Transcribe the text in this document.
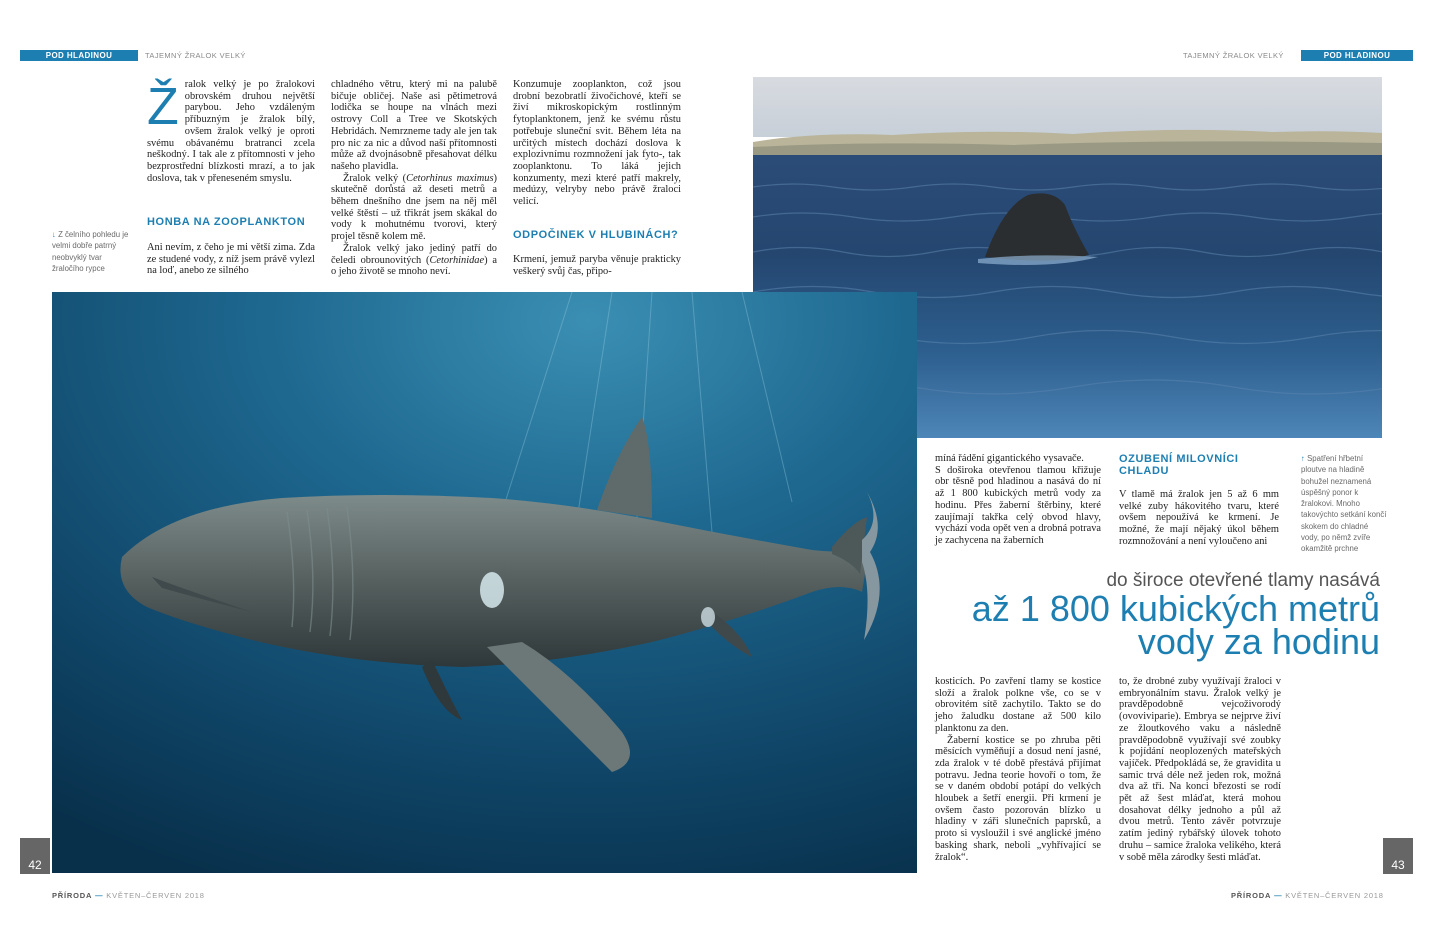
POD HLADINOU	TAJEMNÝ ŽRALOK VELKÝ	TAJEMNÝ ŽRALOK VELKÝ	POD HLADINOU
Ž ralok velký je po žralokovi obrovském druhou největší parybou. Jeho vzdáleným příbuzným je žralok bílý, ovšem žralok velký je oproti svému obávanému bratranci zcela neškodný. I tak ale z přítomnosti v jeho bezprostřední blízkosti mrazí, a to jak doslova, tak v přeneseném smyslu.

HONBA NA ZOOPLANKTON

Ani nevím, z čeho je mi větší zima. Zda ze studené vody, z níž jsem právě vylezl na loď, anebo ze silného

chladného větru, který mi na palubě bičuje obličej. Naše asi pětimetrová lodička se houpe na vlnách mezi ostrovy Coll a Tree ve Skotských Hebridách. Nemrzneme tady ale jen tak pro nic za nic a důvod naší přítomnosti může až dvojnásobně přesahovat délku našeho plavidla.

Žralok velký (Cetorhinus maximus) skutečně dorůstá až deseti metrů a během dnešního dne jsem na něj měl velké štěstí – už třikrát jsem skákal do vody k mohutnému tvorovi, který projel těsně kolem mě.

Žralok velký jako jediný patří do čeledi obrounovitých (Cetorhinidae) a o jeho životě se mnoho neví.

Konzumuje zooplankton, což jsou drobní bezobratlí živočichové, kteří se živí mikroskopickým rostlinným fytoplanktonem, jenž ke svému růstu potřebuje sluneční svit. Během léta na určitých místech dochází doslova k explozivnímu rozmnožení jak fyto-, tak zooplanktonu. To láká jejich konzumenty, mezi které patří makrely, medúzy, velryby nebo právě žraloci velicí.

ODPOČINEK V HLUBINÁCH?

Krmení, jemuž paryba věnuje prakticky veškerý svůj čas, připo-

↓ Z čelního pohledu je velmi dobře patrný neobvyklý tvar žraločího rypce

míná řádění gigantického vysavače.

S doširoka otevřenou tlamou křižuje obr těsně pod hladinou a nasává do ní až 1 800 kubických metrů vody za hodinu. Přes žaberní štěrbiny, které zaujímají takřka celý obvod hlavy, vychází voda opět ven a drobná potrava je zachycena na žaberních

OZUBENÍ MILOVNÍCI CHLADU

V tlamě má žralok jen 5 až 6 mm velké zuby hákovitého tvaru, které ovšem nepoužívá ke krmení. Je možné, že mají nějaký úkol během rozmnožování a není vyloučeno ani

↑ Spatření hřbetní ploutve na hladině bohužel neznamená úspěšný ponor k žralokovi. Mnoho takovýchto setkání končí skokem do chladné vody, po němž zvíře okamžitě prchne
do široce otevřené tlamy nasává
až 1 800 kubických metrů
vody za hodinu

kosticích. Po zavření tlamy se kostice složí a žralok polkne vše, co se v obrovitém sítě zachytilo. Takto se do jeho žaludku dostane až 500 kilo planktonu za den.

Žaberní kostice se po zhruba pěti měsících vyměňují a dosud není jasné, zda žralok v té době přestává přijímat potravu. Jedna teorie hovoří o tom, že se v daném období potápí do velkých hloubek a šetří energii. Při krmení je ovšem často pozorován blízko u hladiny v záři slunečních paprsků, a proto si vysloužil i své anglické jméno basking shark, neboli „vyhřívající se žralok“.

to, že drobné zuby využívají žraloci v embryonálním stavu. Žralok velký je pravděpodobně vejcoživorodý (ovoviviparie). Embrya se nejprve živí ze žloutkového vaku a následně pravděpodobně využívají své zoubky k pojídání neoplozených mateřských vajíček. Předpokládá se, že gravidita u samic trvá déle než jeden rok, možná dva až tři. Na konci březosti se rodí pět až šest mláďat, která mohou dosahovat délky jednoho a půl až dvou metrů. Tento závěr potvrzuje zatím jediný rybářský úlovek tohoto druhu – samice žraloka velikého, která v sobě měla zárodky šesti mláďat.

42	43
PŘÍRODA — KVĚTEN–ČERVEN 2018	PŘÍRODA — KVĚTEN–ČERVEN 2018
